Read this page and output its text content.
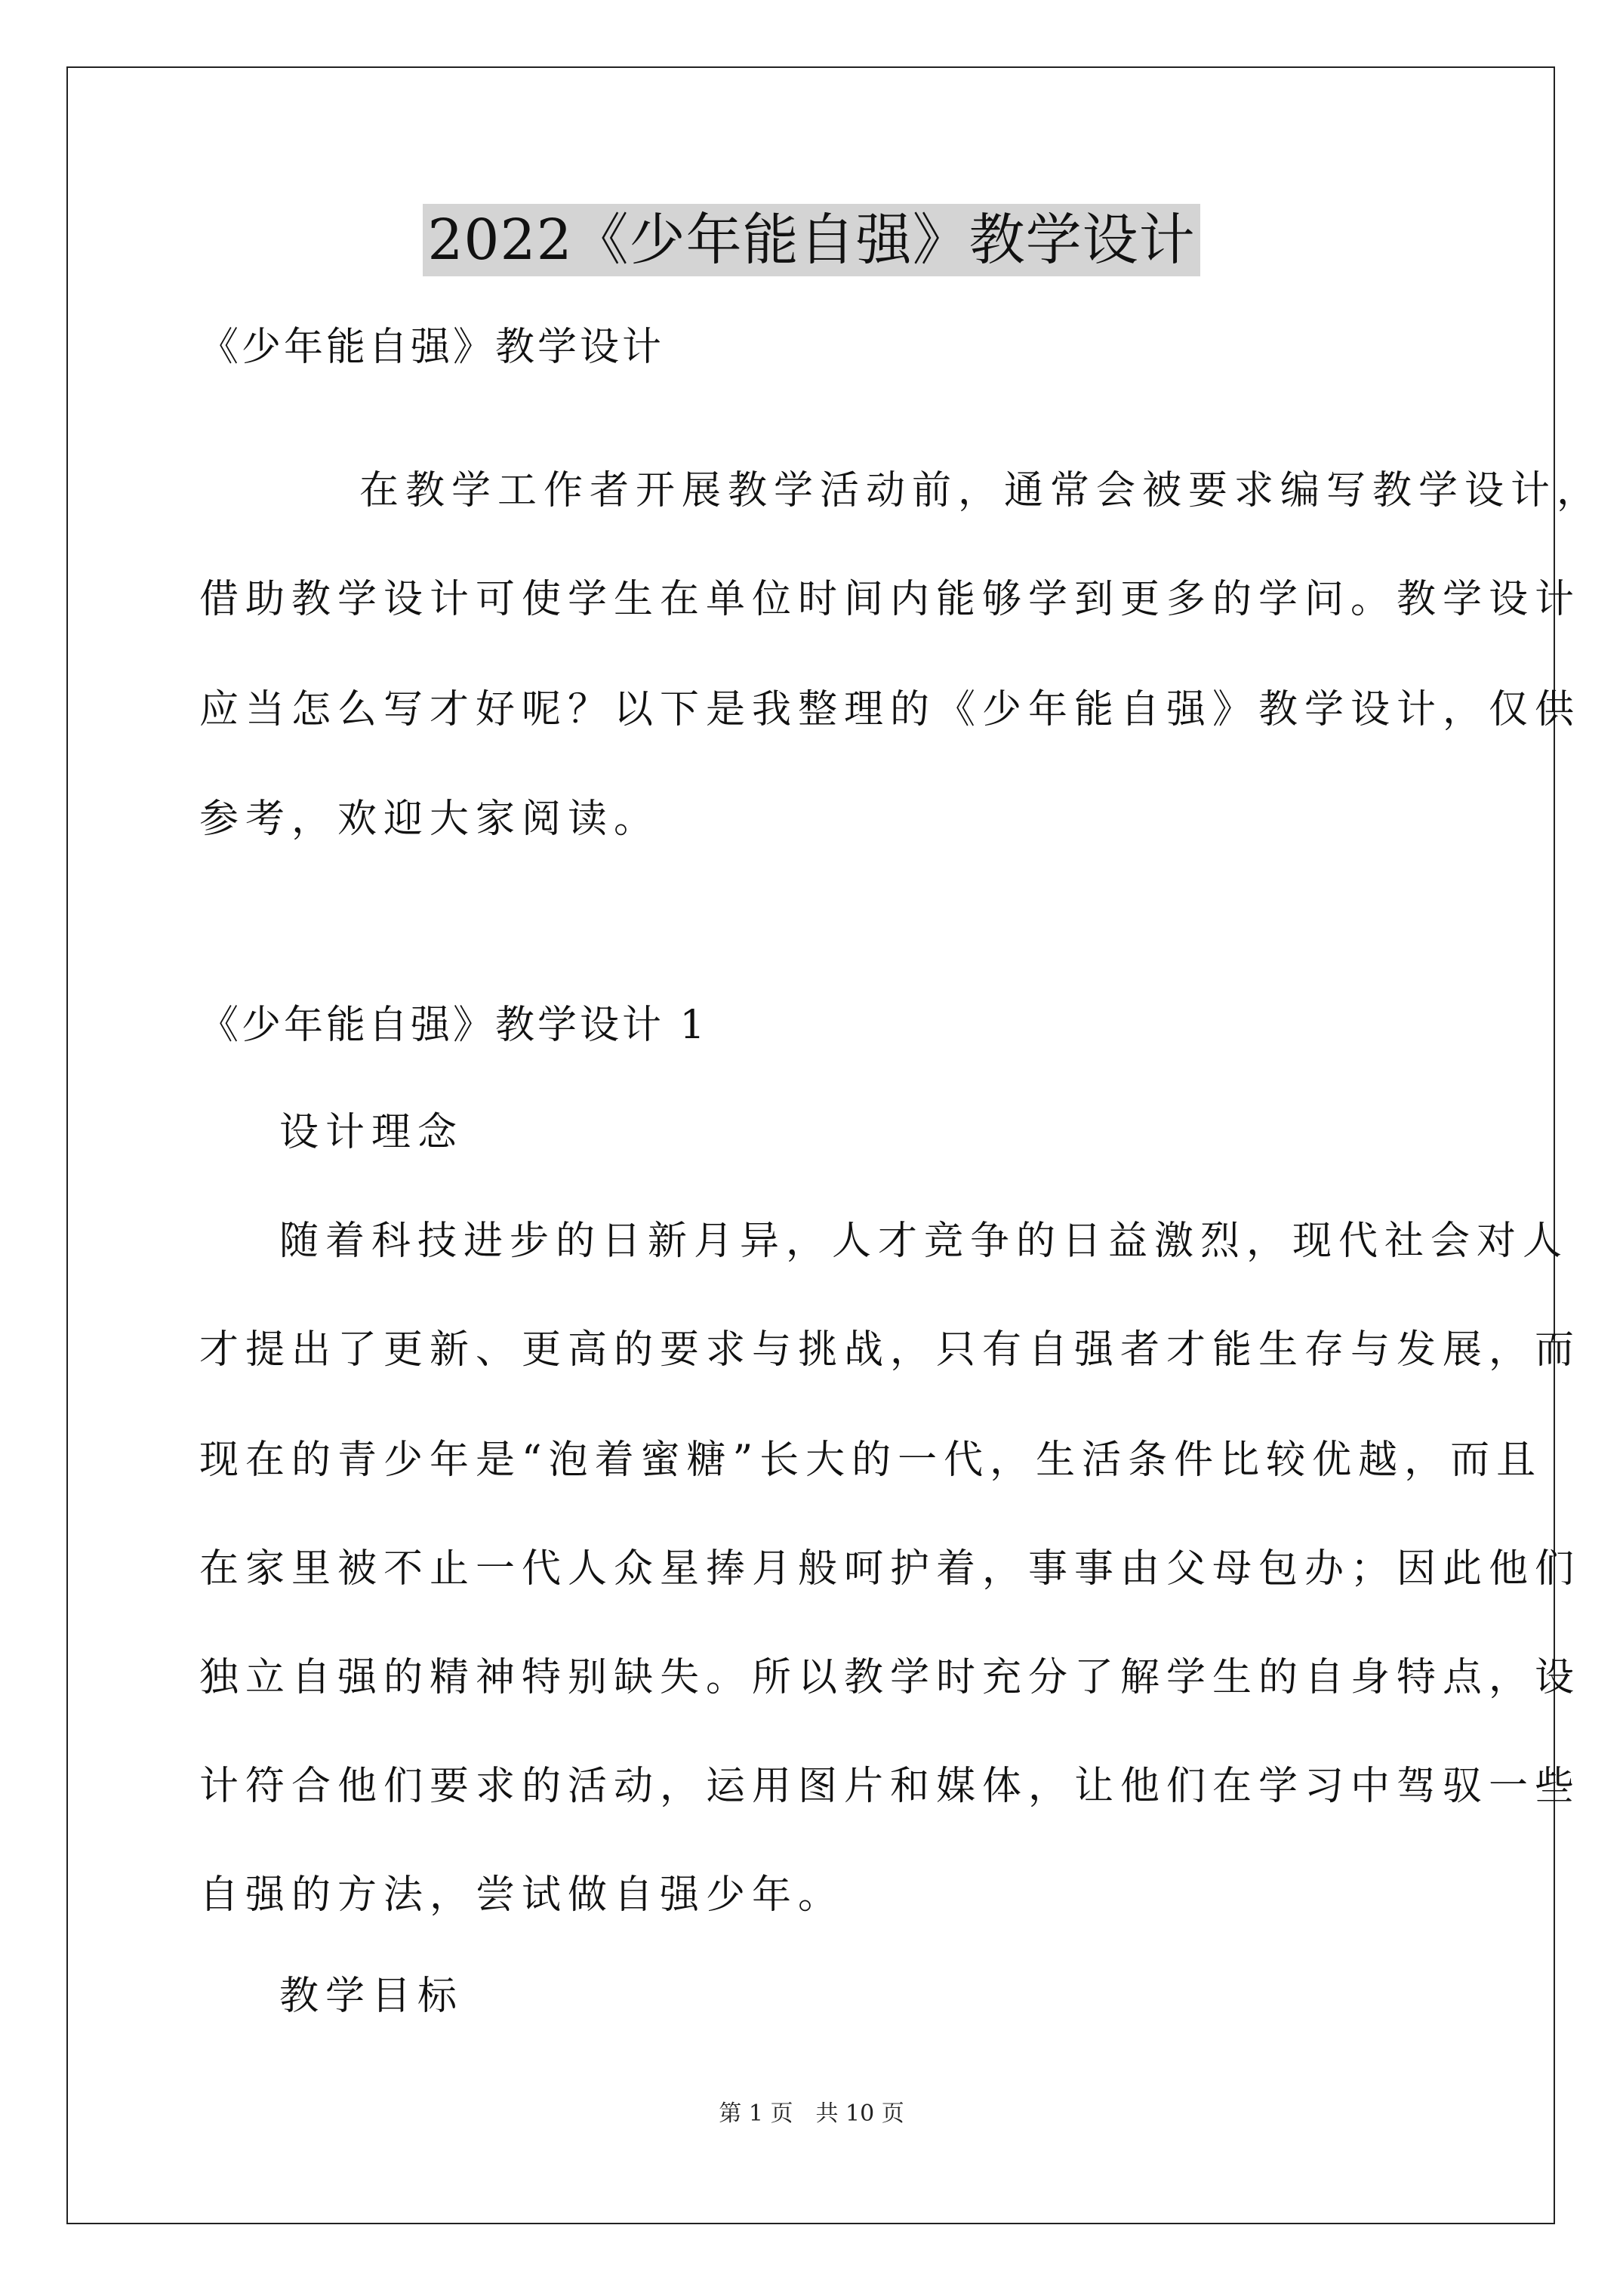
2022《少年能自强》教学设计
《少年能自强》教学设计
在教学工作者开展教学活动前，通常会被要求编写教学设计，
借助教学设计可使学生在单位时间内能够学到更多的学问。教学设计
应当怎么写才好呢？以下是我整理的《少年能自强》教学设计，仅供
参考，欢迎大家阅读。
《少年能自强》教学设计 1
设计理念
随着科技进步的日新月异，人才竞争的日益激烈，现代社会对人
才提出了更新、更高的要求与挑战，只有自强者才能生存与发展，而
现在的青少年是“泡着蜜糖”长大的一代，生活条件比较优越，而且
在家里被不止一代人众星捧月般呵护着，事事由父母包办；因此他们
独立自强的精神特别缺失。所以教学时充分了解学生的自身特点，设
计符合他们要求的活动，运用图片和媒体，让他们在学习中驾驭一些
自强的方法，尝试做自强少年。
教学目标
第 1 页　共 10 页
